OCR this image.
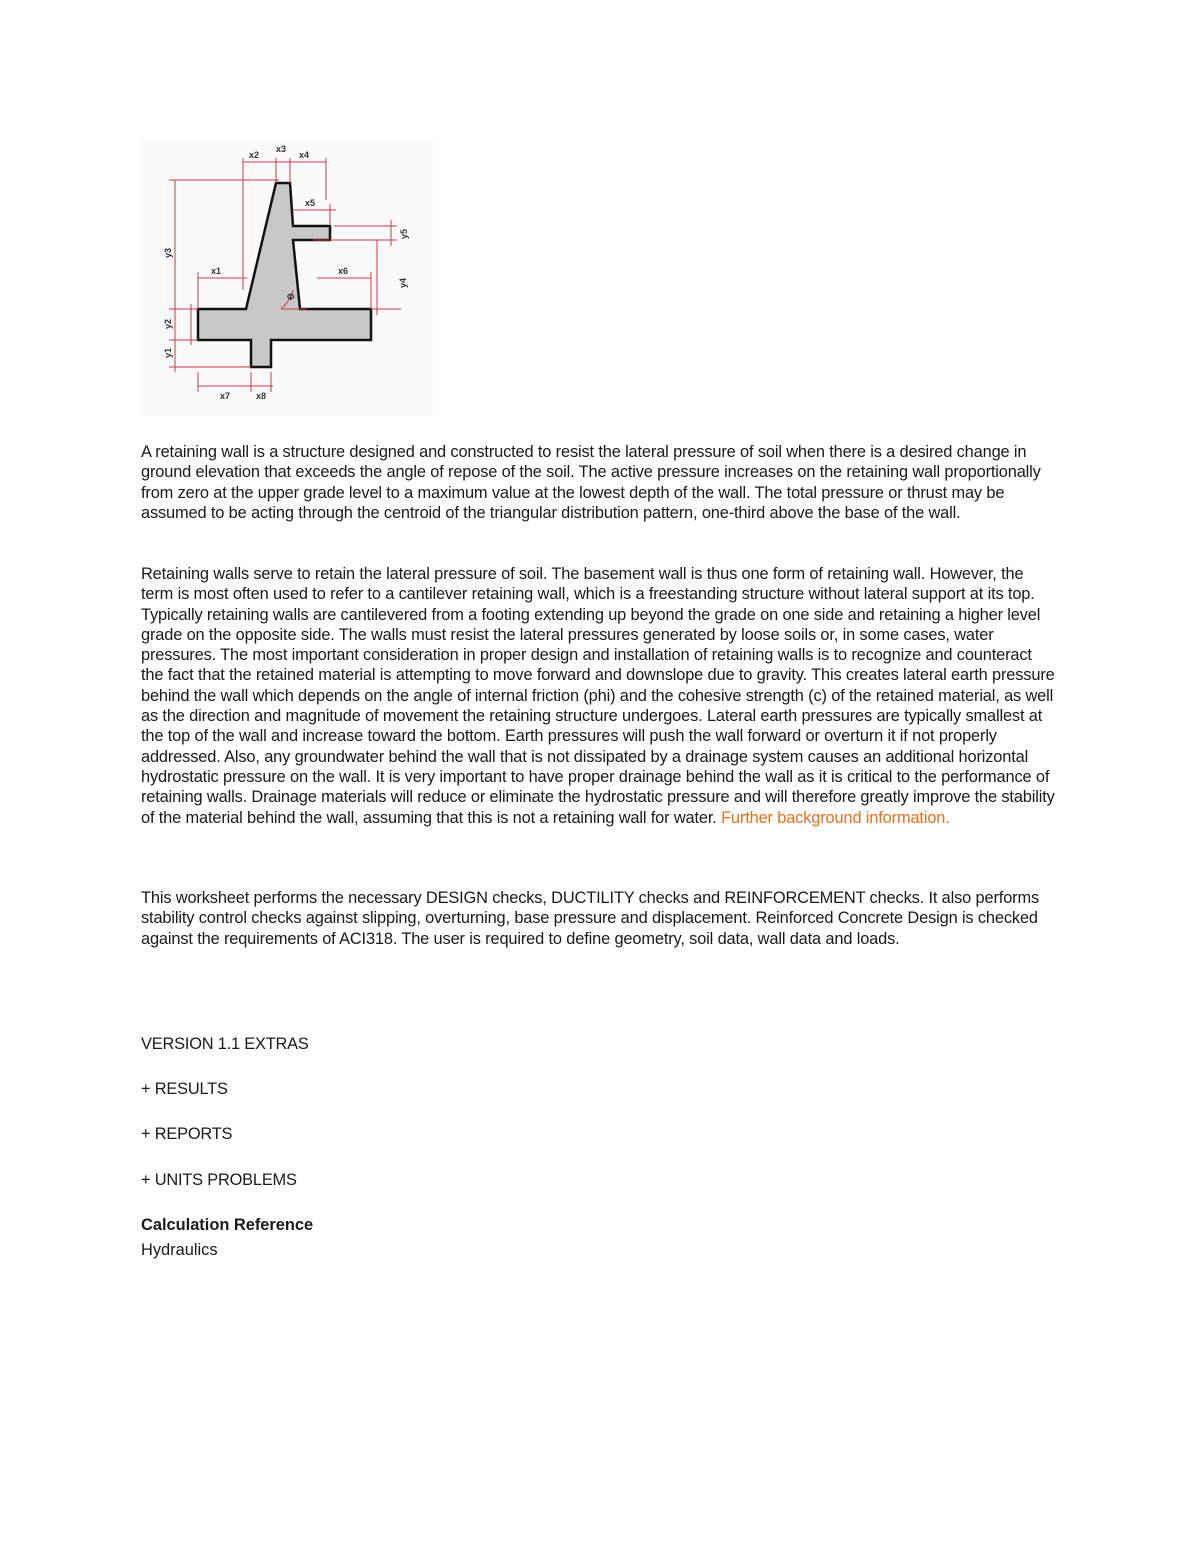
x2
x3
x4
x5
x1	x6
x7	x8
Φ
y1
y2
y3
y4
y5

A retaining wall is a structure designed and constructed to resist the lateral pressure of soil when there is a desired change in ground elevation that exceeds the angle of repose of the soil. The active pressure increases on the retaining wall proportionally from zero at the upper grade level to a maximum value at the lowest depth of the wall. The total pressure or thrust may be assumed to be acting through the centroid of the triangular distribution pattern, one-third above the base of the wall.

Retaining walls serve to retain the lateral pressure of soil. The basement wall is thus one form of retaining wall. However, the term is most often used to refer to a cantilever retaining wall, which is a freestanding structure without lateral support at its top. Typically retaining walls are cantilevered from a footing extending up beyond the grade on one side and retaining a higher level grade on the opposite side. The walls must resist the lateral pressures generated by loose soils or, in some cases, water pressures. The most important consideration in proper design and installation of retaining walls is to recognize and counteract the fact that the retained material is attempting to move forward and downslope due to gravity. This creates lateral earth pressure behind the wall which depends on the angle of internal friction (phi) and the cohesive strength (c) of the retained material, as well as the direction and magnitude of movement the retaining structure undergoes. Lateral earth pressures are typically smallest at the top of the wall and increase toward the bottom. Earth pressures will push the wall forward or overturn it if not properly addressed. Also, any groundwater behind the wall that is not dissipated by a drainage system causes an additional horizontal hydrostatic pressure on the wall. It is very important to have proper drainage behind the wall as it is critical to the performance of retaining walls. Drainage materials will reduce or eliminate the hydrostatic pressure and will therefore greatly improve the stability of the material behind the wall, assuming that this is not a retaining wall for water. Further background information.

This worksheet performs the necessary DESIGN checks, DUCTILITY checks and REINFORCEMENT checks. It also performs stability control checks against slipping, overturning, base pressure and displacement. Reinforced Concrete Design is checked against the requirements of ACI318. The user is required to define geometry, soil data, wall data and loads.

VERSION 1.1 EXTRAS

+ RESULTS

+ REPORTS

+ UNITS PROBLEMS

Calculation Reference

Hydraulics
